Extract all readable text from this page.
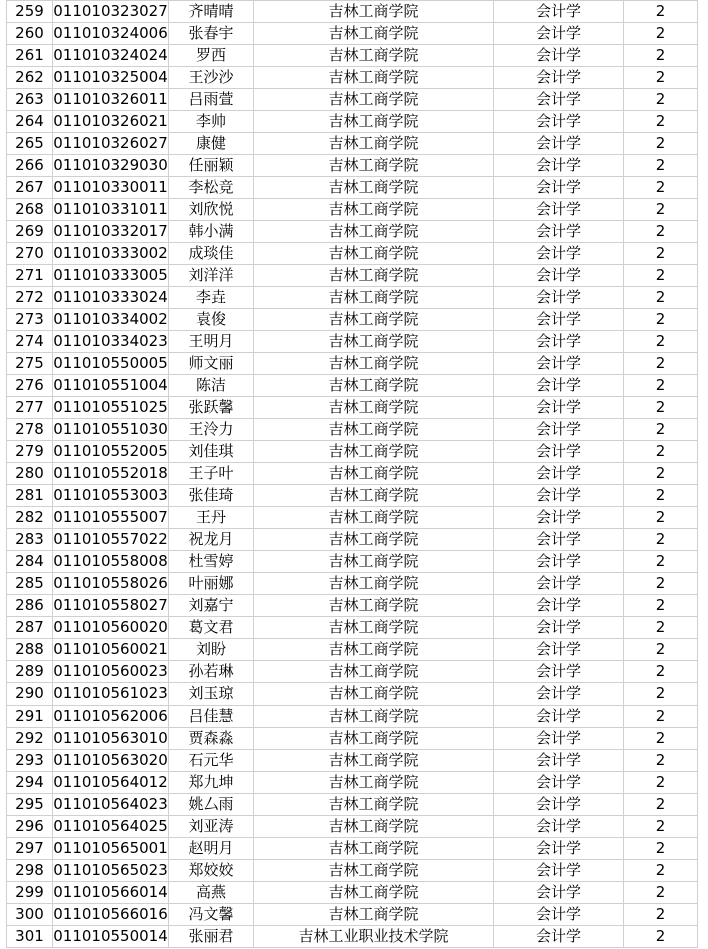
259	011010323027	齐晴晴	吉林工商学院	会计学	2
260	011010324006	张春宇	吉林工商学院	会计学	2
261	011010324024	罗西	吉林工商学院	会计学	2
262	011010325004	王沙沙	吉林工商学院	会计学	2
263	011010326011	吕雨萱	吉林工商学院	会计学	2
264	011010326021	李帅	吉林工商学院	会计学	2
265	011010326027	康健	吉林工商学院	会计学	2
266	011010329030	任丽颖	吉林工商学院	会计学	2
267	011010330011	李松竞	吉林工商学院	会计学	2
268	011010331011	刘欣悦	吉林工商学院	会计学	2
269	011010332017	韩小满	吉林工商学院	会计学	2
270	011010333002	成琰佳	吉林工商学院	会计学	2
271	011010333005	刘洋洋	吉林工商学院	会计学	2
272	011010333024	李垚	吉林工商学院	会计学	2
273	011010334002	袁俊	吉林工商学院	会计学	2
274	011010334023	王明月	吉林工商学院	会计学	2
275	011010550005	师文丽	吉林工商学院	会计学	2
276	011010551004	陈洁	吉林工商学院	会计学	2
277	011010551025	张跃馨	吉林工商学院	会计学	2
278	011010551030	王泠力	吉林工商学院	会计学	2
279	011010552005	刘佳琪	吉林工商学院	会计学	2
280	011010552018	王子叶	吉林工商学院	会计学	2
281	011010553003	张佳琦	吉林工商学院	会计学	2
282	011010555007	王丹	吉林工商学院	会计学	2
283	011010557022	祝龙月	吉林工商学院	会计学	2
284	011010558008	杜雪婷	吉林工商学院	会计学	2
285	011010558026	叶丽娜	吉林工商学院	会计学	2
286	011010558027	刘嘉宁	吉林工商学院	会计学	2
287	011010560020	葛文君	吉林工商学院	会计学	2
288	011010560021	刘盼	吉林工商学院	会计学	2
289	011010560023	孙若琳	吉林工商学院	会计学	2
290	011010561023	刘玉琼	吉林工商学院	会计学	2
291	011010562006	吕佳慧	吉林工商学院	会计学	2
292	011010563010	贾森淼	吉林工商学院	会计学	2
293	011010563020	石元华	吉林工商学院	会计学	2
294	011010564012	郑九坤	吉林工商学院	会计学	2
295	011010564023	姚厶雨	吉林工商学院	会计学	2
296	011010564025	刘亚涛	吉林工商学院	会计学	2
297	011010565001	赵明月	吉林工商学院	会计学	2
298	011010565023	郑姣姣	吉林工商学院	会计学	2
299	011010566014	高燕	吉林工商学院	会计学	2
300	011010566016	冯文馨	吉林工商学院	会计学	2
301	011010550014	张丽君	吉林工业职业技术学院	会计学	2
